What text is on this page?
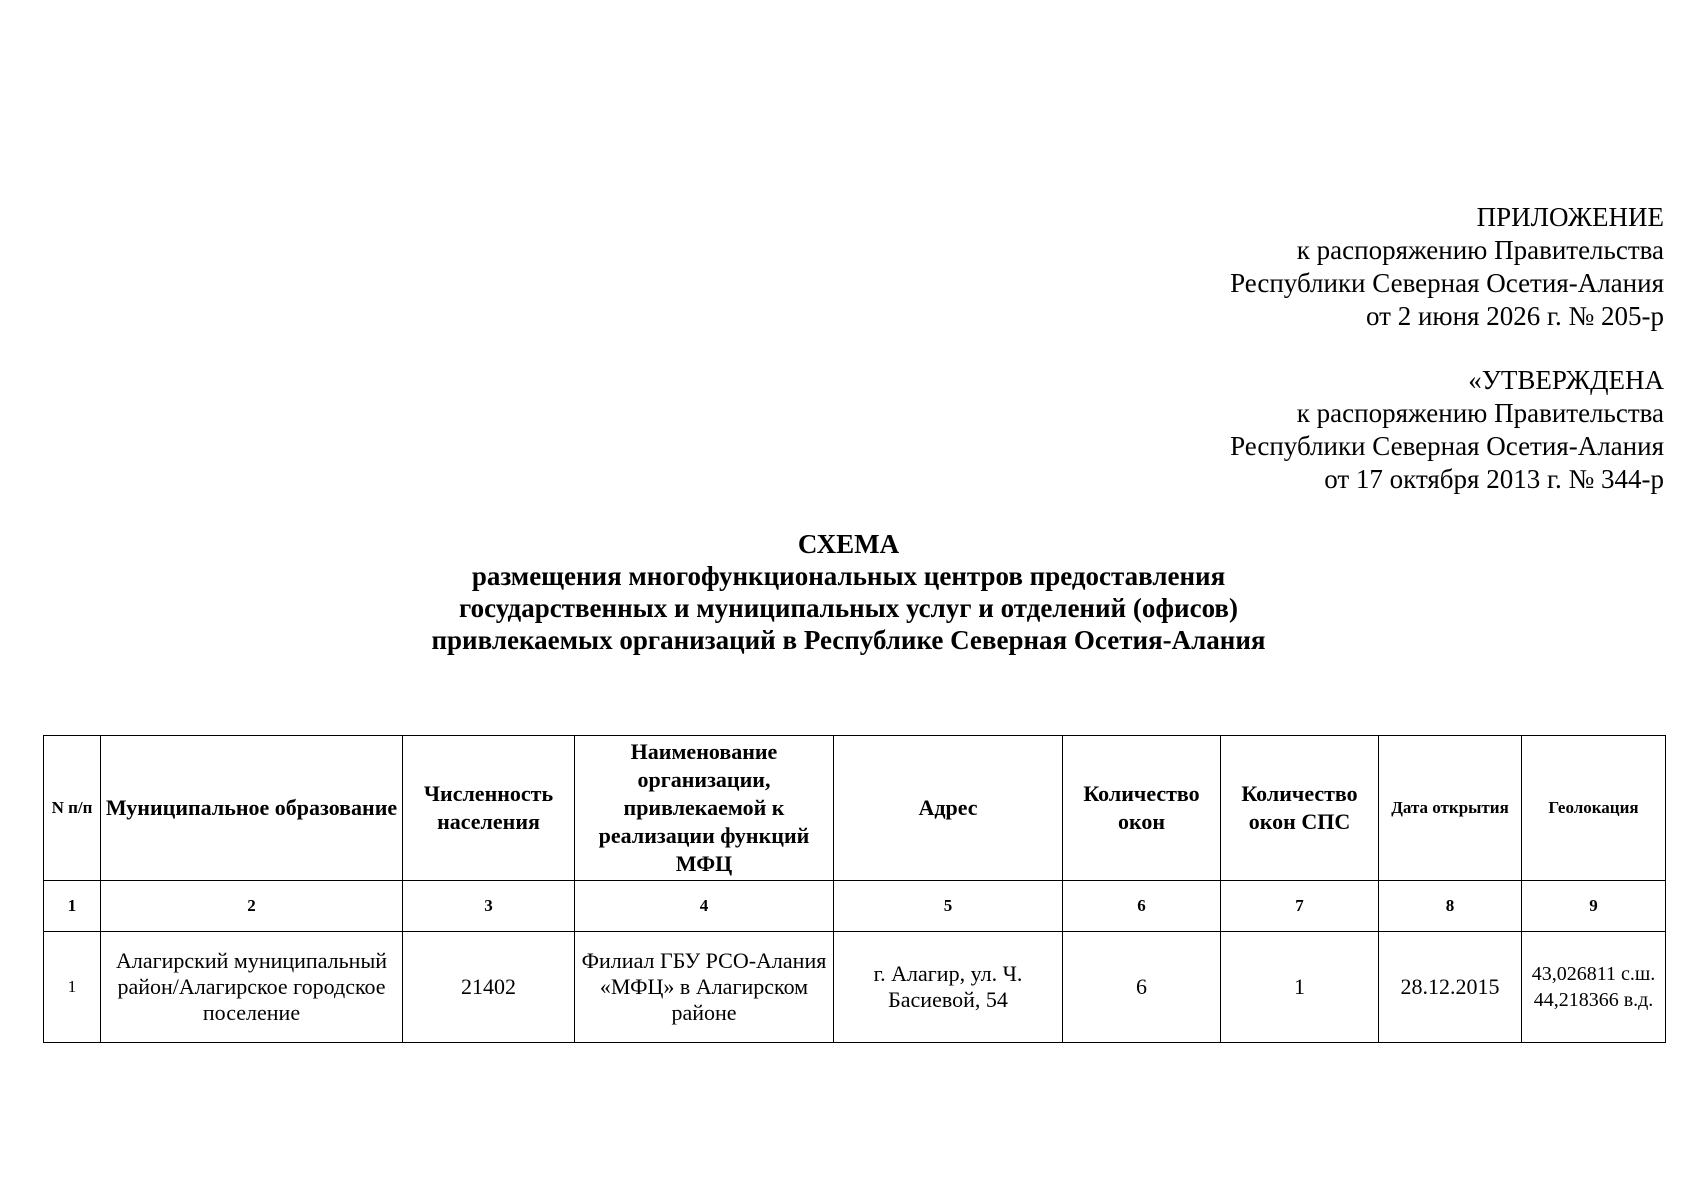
ПРИЛОЖЕНИЕ
к распоряжению Правительства
Республики Северная Осетия-Алания
от 2 июня 2026 г. № 205-р
«УТВЕРЖДЕНА
к распоряжению Правительства
Республики Северная Осетия-Алания
от 17 октября 2013 г. № 344-р
СХЕМА
размещения многофункциональных центров предоставления
государственных и муниципальных услуг и отделений (офисов)
привлекаемых организаций в Республике Северная Осетия-Алания
N п/п	Муниципальное образование	Численность населения	Наименование организации, привлекаемой к реализации функций МФЦ	Адрес	Количество окон	Количество окон СПС	Дата открытия	Геолокация
1	2	3	4	5	6	7	8	9
1	Алагирский муниципальный район/Алагирское городское поселение	21402	Филиал ГБУ РСО-Алания «МФЦ» в Алагирском районе	г. Алагир, ул. Ч. Басиевой, 54	6	1	28.12.2015	43,026811 с.ш. 44,218366 в.д.
